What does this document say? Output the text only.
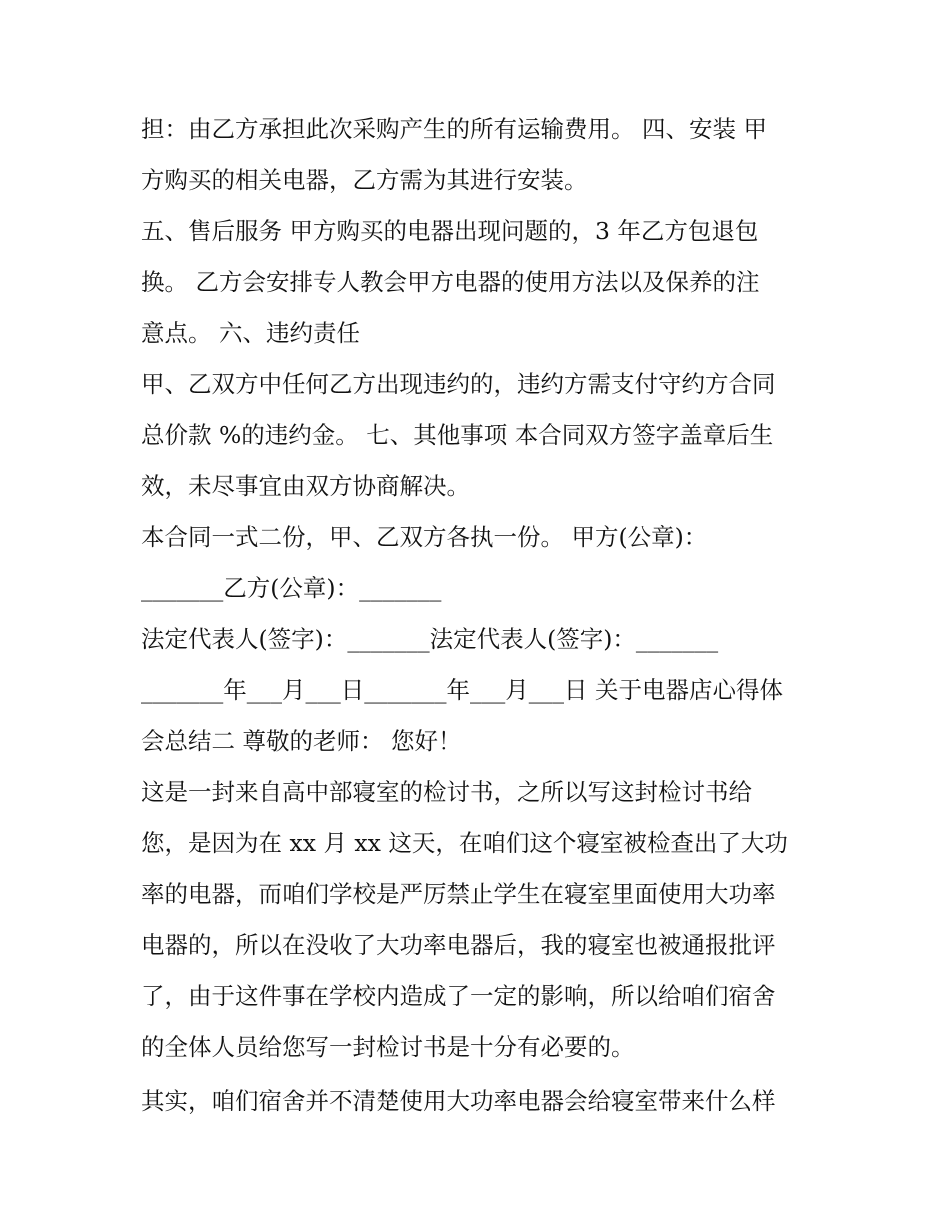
担：由乙方承担此次采购产生的所有运输费用。 四、安装 甲
方购买的相关电器，乙方需为其进行安装。
五、售后服务 甲方购买的电器出现问题的，3 年乙方包退包
换。 乙方会安排专人教会甲方电器的使用方法以及保养的注
意点。 六、违约责任
甲、乙双方中任何乙方出现违约的，违约方需支付守约方合同
总价款 %的违约金。 七、其他事项 本合同双方签字盖章后生
效，未尽事宜由双方协商解决。
本合同一式二份，甲、乙双方各执一份。 甲方(公章)：
_______乙方(公章)：_______
法定代表人(签字)：_______法定代表人(签字)：_______
_______年___月___日_______年___月___日 关于电器店心得体
会总结二 尊敬的老师： 您好！
这是一封来自高中部寝室的检讨书，之所以写这封检讨书给
您，是因为在 xx 月 xx 这天，在咱们这个寝室被检查出了大功
率的电器，而咱们学校是严厉禁止学生在寝室里面使用大功率
电器的，所以在没收了大功率电器后，我的寝室也被通报批评
了，由于这件事在学校内造成了一定的影响，所以给咱们宿舍
的全体人员给您写一封检讨书是十分有必要的。
其实，咱们宿舍并不清楚使用大功率电器会给寝室带来什么样
